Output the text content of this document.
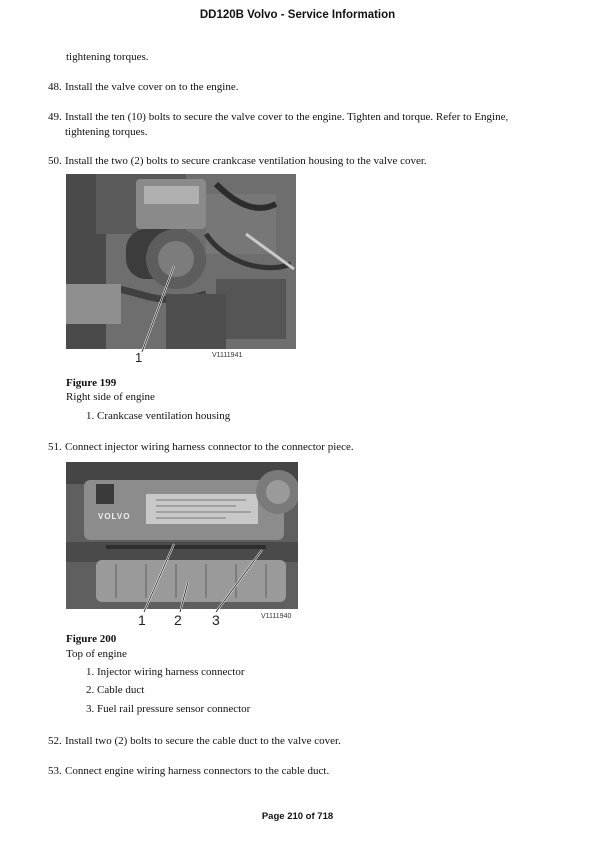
DD120B Volvo - Service Information
tightening torques.
48. Install the valve cover on to the engine.
49. Install the ten (10) bolts to secure the valve cover to the engine. Tighten and torque. Refer to Engine,
tightening torques.
50. Install the two (2) bolts to secure crankcase ventilation housing to the valve cover.
1	V1111941
Figure 199
Right side of engine
1. Crankcase ventilation housing
51. Connect injector wiring harness connector to the connector piece.
VOLVO
1 2 3	V1111940
Figure 200
Top of engine
1. Injector wiring harness connector
2. Cable duct
3. Fuel rail pressure sensor connector
52. Install two (2) bolts to secure the cable duct to the valve cover.
53. Connect engine wiring harness connectors to the cable duct.
Page 210 of 718
